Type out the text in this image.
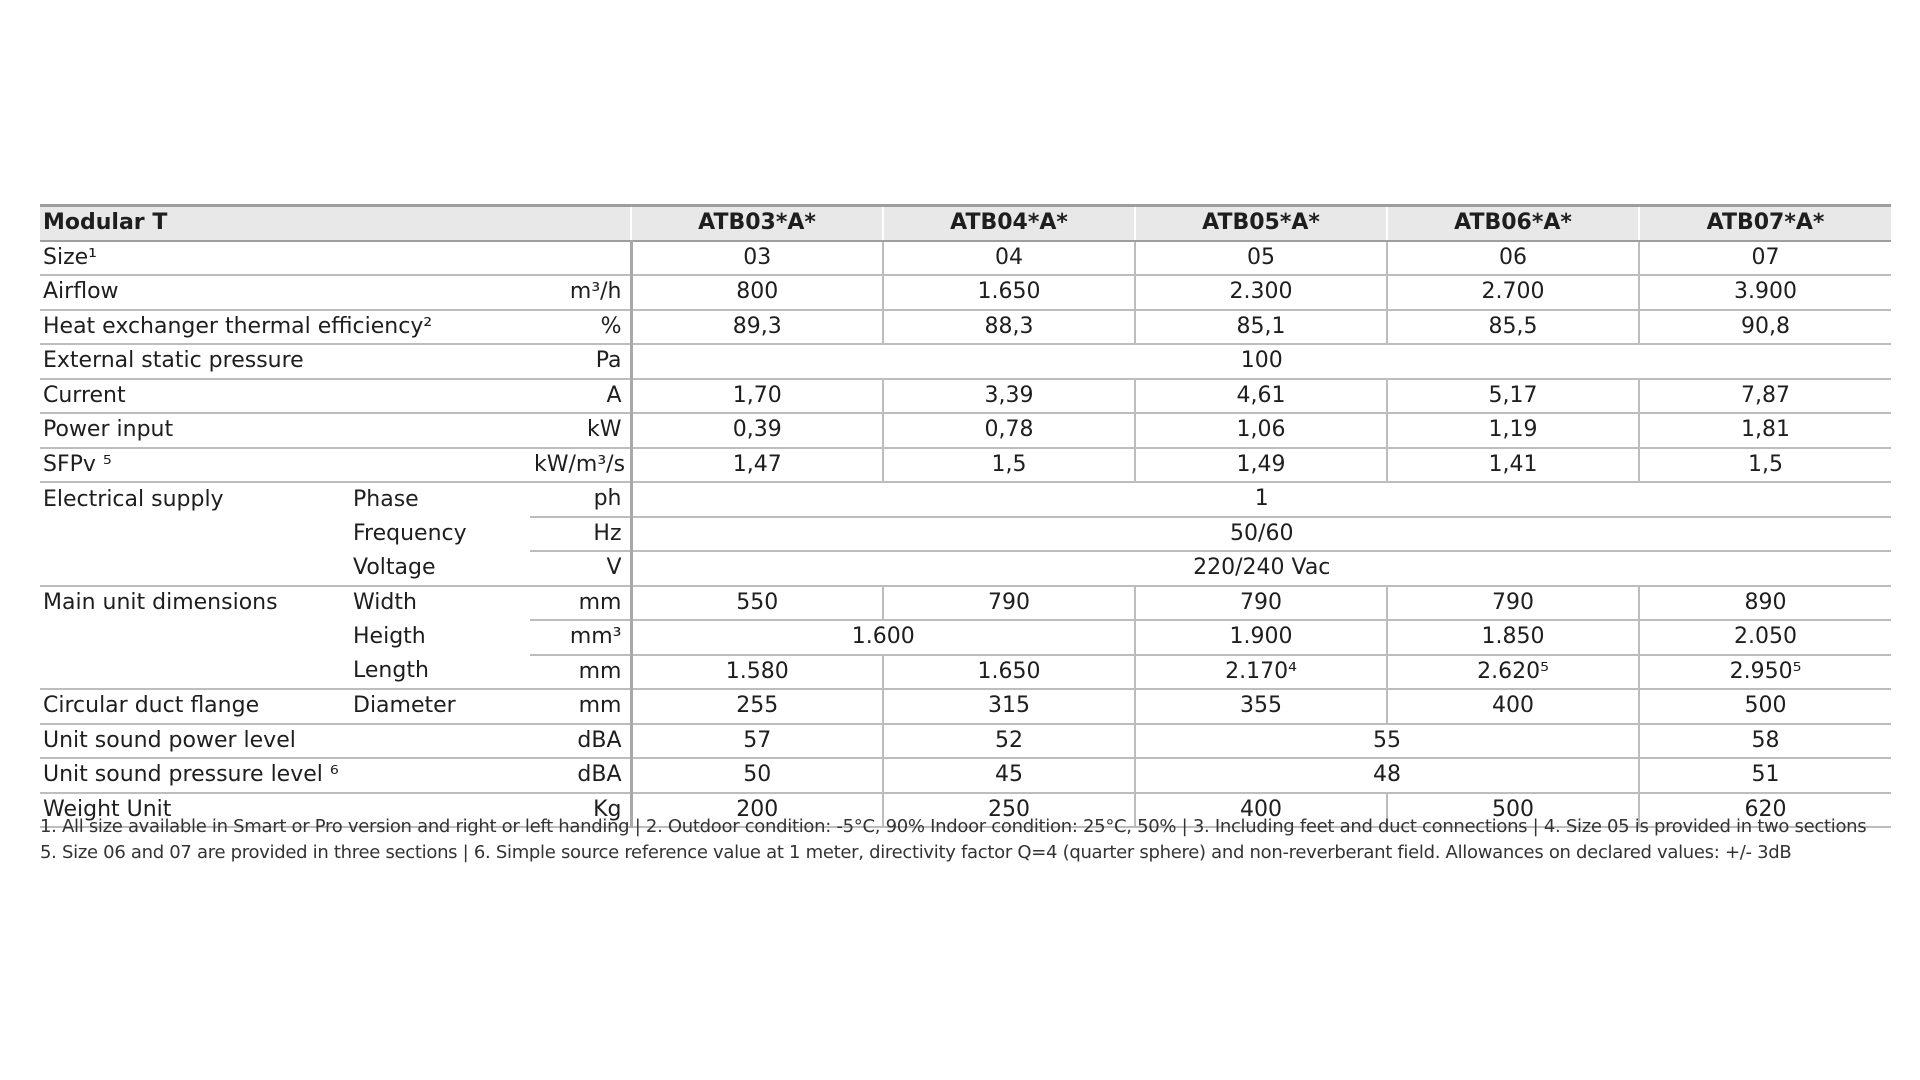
Modular T			ATB03*A*	ATB04*A*	ATB05*A*	ATB06*A*	ATB07*A*
Size¹			03	04	05	06	07
Airflow		m³/h	800	1.650	2.300	2.700	3.900
Heat exchanger thermal efficiency²		%	89,3	88,3	85,1	85,5	90,8
External static pressure		Pa	100				
Current		A	1,70	3,39	4,61	5,17	7,87
Power input		kW	0,39	0,78	1,06	1,19	1,81
SFPv ⁵		kW/m³/s	1,47	1,5	1,49	1,41	1,5
Electrical supply	Phase	ph	1				
	Frequency	Hz	50/60				
	Voltage	V	220/240 Vac				
Main unit dimensions	Width	mm	550	790	790	790	890
	Heigth	mm³	1.600		1.900	1.850	2.050
	Length	mm	1.580	1.650	2.170⁴	2.620⁵	2.950⁵
Circular duct flange	Diameter	mm	255	315	355	400	500
Unit sound power level		dBA	57	52	55		58
Unit sound pressure level ⁶		dBA	50	45	48		51
Weight Unit		Kg	200	250	400	500	620
1. All size available in Smart or Pro version and right or left handing | 2. Outdoor condition: -5°C, 90% Indoor condition: 25°C, 50% | 3. Including feet and duct connections | 4. Size 05 is provided in two sections
5. Size 06 and 07 are provided in three sections | 6. Simple source reference value at 1 meter, directivity factor Q=4 (quarter sphere) and non-reverberant field. Allowances on declared values: +/- 3dB
